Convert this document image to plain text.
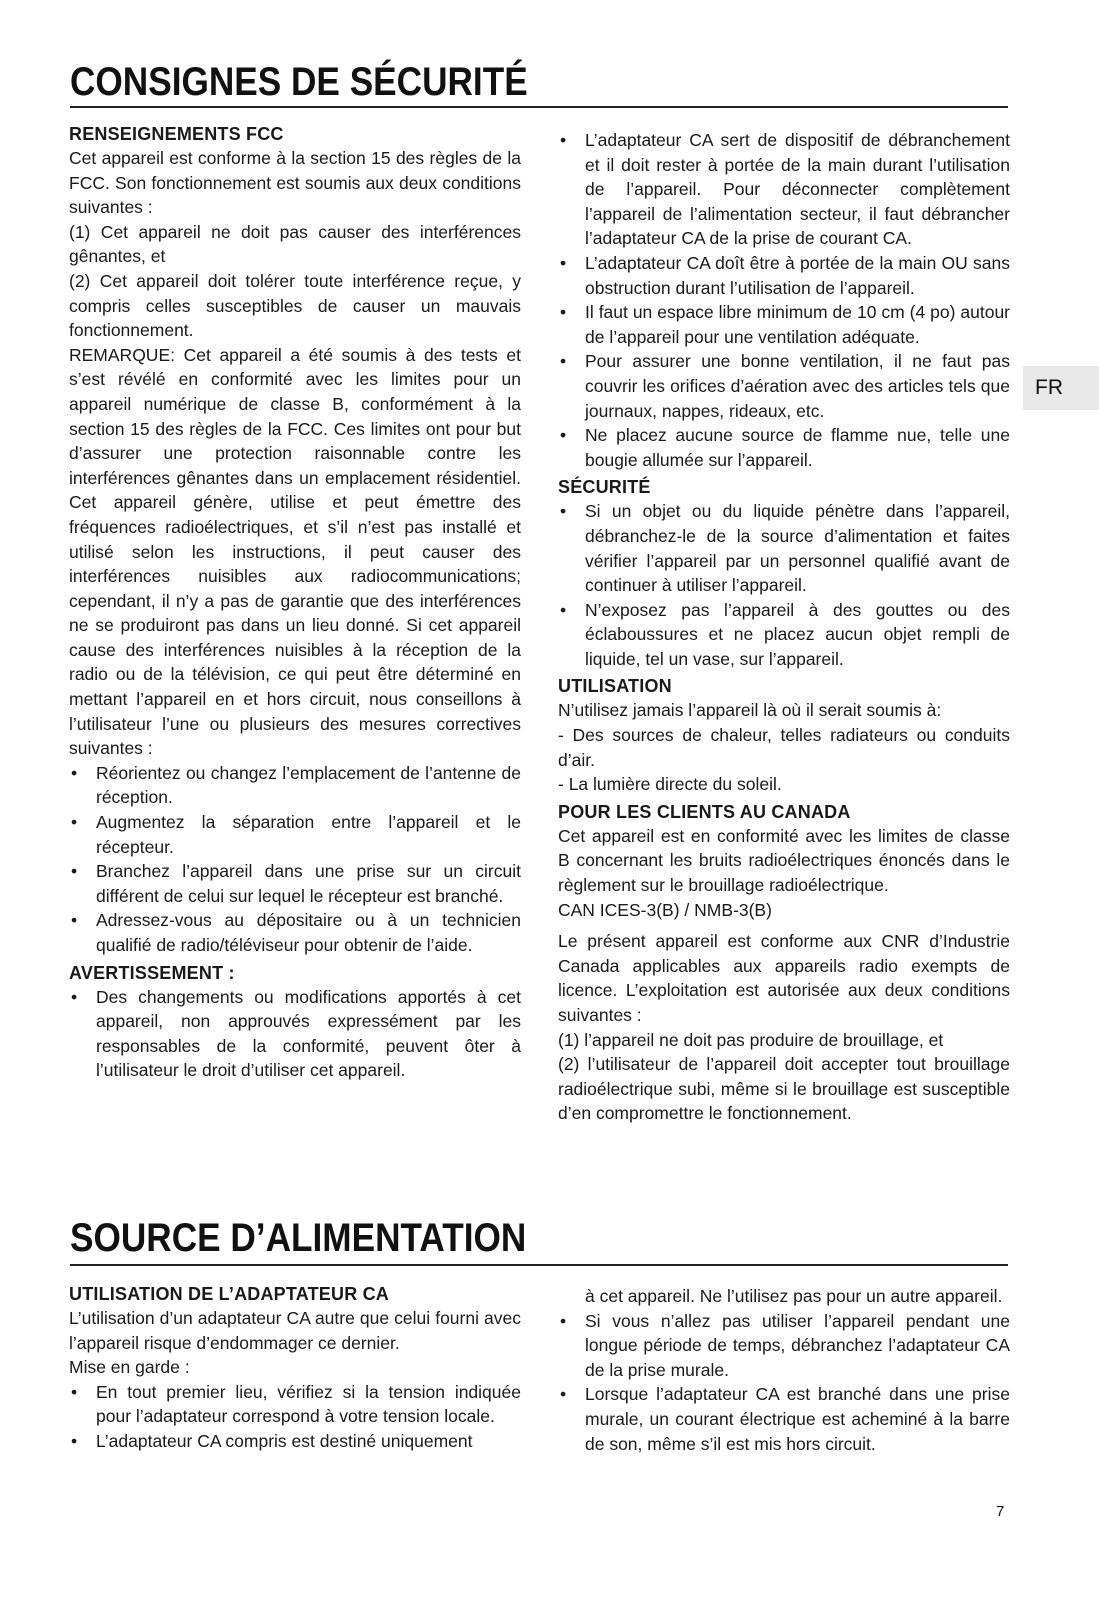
CONSIGNES DE SÉCURITÉ
RENSEIGNEMENTS FCC

Cet appareil est conforme à la section 15 des règles de la FCC. Son fonctionnement est soumis aux deux conditions suivantes :

(1) Cet appareil ne doit pas causer des interférences gênantes, et

(2) Cet appareil doit tolérer toute interférence reçue, y compris celles susceptibles de causer un mauvais fonctionnement.

REMARQUE: Cet appareil a été soumis à des tests et s’est révélé en conformité avec les limites pour un appareil numérique de classe B, conformément à la section 15 des règles de la FCC. Ces limites ont pour but d’assurer une protection raisonnable contre les interférences gênantes dans un emplacement résidentiel. Cet appareil génère, utilise et peut émettre des fréquences radioélectriques, et s’il n’est pas installé et utilisé selon les instructions, il peut causer des interférences nuisibles aux radiocommunications; cependant, il n’y a pas de garantie que des interférences ne se produiront pas dans un lieu donné. Si cet appareil cause des interférences nuisibles à la réception de la radio ou de la télévision, ce qui peut être déterminé en mettant l’appareil en et hors circuit, nous conseillons à l’utilisateur l’une ou plusieurs des mesures correctives suivantes :

• Réorientez ou changez l’emplacement de l’antenne de réception.

• Augmentez la séparation entre l’appareil et le récepteur.

• Branchez l’appareil dans une prise sur un circuit différent de celui sur lequel le récepteur est branché.

• Adressez-vous au dépositaire ou à un technicien qualifié de radio/téléviseur pour obtenir de l’aide.

AVERTISSEMENT :

• Des changements ou modifications apportés à cet appareil, non approuvés expressément par les responsables de la conformité, peuvent ôter à l’utilisateur le droit d’utiliser cet appareil.

• L’adaptateur CA sert de dispositif de débranchement et il doit rester à portée de la main durant l’utilisation de l’appareil. Pour déconnecter complètement l’appareil de l’alimentation secteur, il faut débrancher l’adaptateur CA de la prise de courant CA.

• L’adaptateur CA doît être à portée de la main OU sans obstruction durant l’utilisation de l’appareil.

• Il faut un espace libre minimum de 10 cm (4 po) autour de l’appareil pour une ventilation adéquate.

• Pour assurer une bonne ventilation, il ne faut pas couvrir les orifices d’aération avec des articles tels que journaux, nappes, rideaux, etc.

• Ne placez aucune source de flamme nue, telle une bougie allumée sur l’appareil.

SÉCURITÉ

• Si un objet ou du liquide pénètre dans l’appareil, débranchez-le de la source d’alimentation et faites vérifier l’appareil par un personnel qualifié avant de continuer à utiliser l’appareil.

• N’exposez pas l’appareil à des gouttes ou des éclaboussures et ne placez aucun objet rempli de liquide, tel un vase, sur l’appareil.

UTILISATION

N’utilisez jamais l’appareil là où il serait soumis à:

- Des sources de chaleur, telles radiateurs ou conduits d’air.

- La lumière directe du soleil.

POUR LES CLIENTS AU CANADA

Cet appareil est en conformité avec les limites de classe B concernant les bruits radioélectriques énoncés dans le règlement sur le brouillage radioélectrique.

CAN ICES-3(B) / NMB-3(B)

Le présent appareil est conforme aux CNR d’Industrie Canada applicables aux appareils radio exempts de licence. L’exploitation est autorisée aux deux conditions suivantes :

(1) l’appareil ne doit pas produire de brouillage, et

(2) l’utilisateur de l’appareil doit accepter tout brouillage radioélectrique subi, même si le brouillage est susceptible d’en compromettre le fonctionnement.

FR
SOURCE D’ALIMENTATION
UTILISATION DE L’ADAPTATEUR CA

L’utilisation d’un adaptateur CA autre que celui fourni avec l’appareil risque d’endommager ce dernier.

Mise en garde :

• En tout premier lieu, vérifiez si la tension indiquée pour l’adaptateur correspond à votre tension locale.

• L’adaptateur CA compris est destiné uniquement

à cet appareil. Ne l’utilisez pas pour un autre appareil.

• Si vous n’allez pas utiliser l’appareil pendant une longue période de temps, débranchez l’adaptateur CA de la prise murale.

• Lorsque l’adaptateur CA est branché dans une prise murale, un courant électrique est acheminé à la barre de son, même s’il est mis hors circuit.

7
